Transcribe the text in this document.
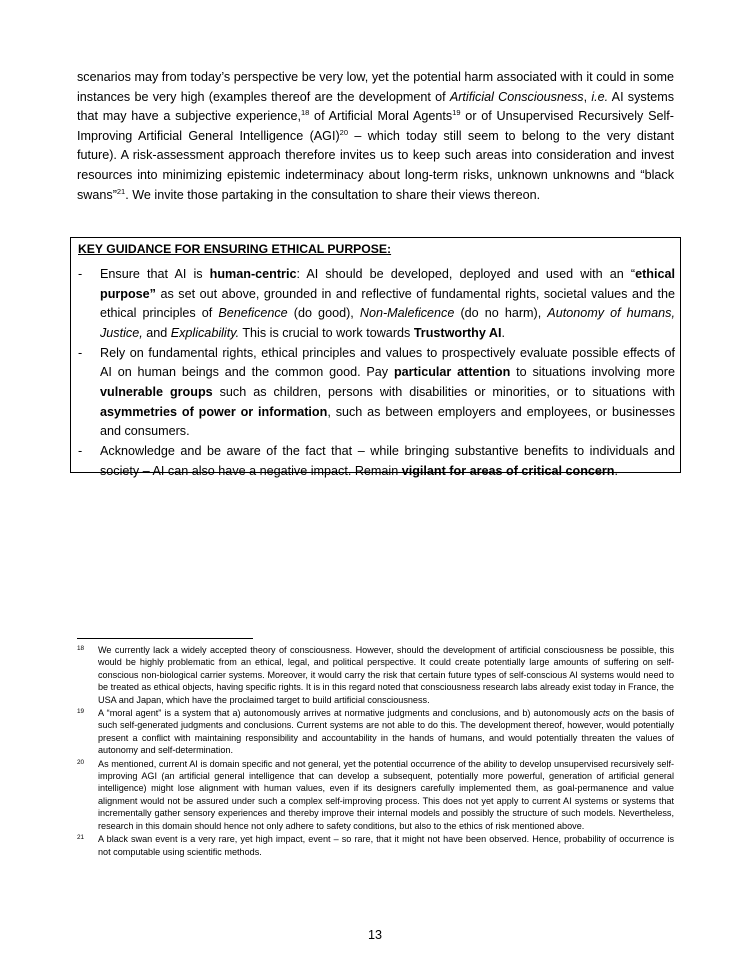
scenarios may from today’s perspective be very low, yet the potential harm associated with it could in some instances be very high (examples thereof are the development of Artificial Consciousness, i.e. AI systems that may have a subjective experience,$^{18}$ of Artificial Moral Agents$^{19}$ or of Unsupervised Recursively Self-Improving Artificial General Intelligence (AGI)$^{20}$ – which today still seem to belong to the very distant future). A risk-assessment approach therefore invites us to keep such areas into consideration and invest resources into minimizing epistemic indeterminacy about long-term risks, unknown unknowns and “black swans”$^{21}$. We invite those partaking in the consultation to share their views thereon.

KEY GUIDANCE FOR ENSURING ETHICAL PURPOSE:
- Ensure that AI is human-centric: AI should be developed, deployed and used with an “ethical purpose” as set out above, grounded in and reflective of fundamental rights, societal values and the ethical principles of Beneficence (do good), Non-Maleficence (do no harm), Autonomy of humans, Justice, and Explicability. This is crucial to work towards Trustworthy AI.
- Rely on fundamental rights, ethical principles and values to prospectively evaluate possible effects of AI on human beings and the common good. Pay particular attention to situations involving more vulnerable groups such as children, persons with disabilities or minorities, or to situations with asymmetries of power or information, such as between employers and employees, or businesses and consumers.
- Acknowledge and be aware of the fact that – while bringing substantive benefits to individuals and society – AI can also have a negative impact. Remain vigilant for areas of critical concern.
18 We currently lack a widely accepted theory of consciousness. However, should the development of artificial consciousness be possible, this would be highly problematic from an ethical, legal, and political perspective. It could create potentially large amounts of suffering on self-conscious non-biological carrier systems. Moreover, it would carry the risk that certain future types of self-conscious AI systems would need to be treated as ethical objects, having specific rights. It is in this regard noted that consciousness research labs already exist today in France, the USA and Japan, which have the proclaimed target to build artificial consciousness.
19 A “moral agent” is a system that a) autonomously arrives at normative judgments and conclusions, and b) autonomously acts on the basis of such self-generated judgments and conclusions. Current systems are not able to do this. The development thereof, however, would potentially present a conflict with maintaining responsibility and accountability in the hands of humans, and would potentially threaten the values of autonomy and self-determination.
20 As mentioned, current AI is domain specific and not general, yet the potential occurrence of the ability to develop unsupervised recursively self-improving AGI (an artificial general intelligence that can develop a subsequent, potentially more powerful, generation of artificial general intelligence) might lose alignment with human values, even if its designers carefully implemented them, as goal-permanence and value alignment would not be assured under such a complex self-improving process. This does not yet apply to current AI systems or systems that incrementally gather sensory experiences and thereby improve their internal models and possibly the structure of such models. Nevertheless, research in this domain should hence not only adhere to safety conditions, but also to the ethics of risk mentioned above.
21 A black swan event is a very rare, yet high impact, event – so rare, that it might not have been observed. Hence, probability of occurrence is not computable using scientific methods.
13
